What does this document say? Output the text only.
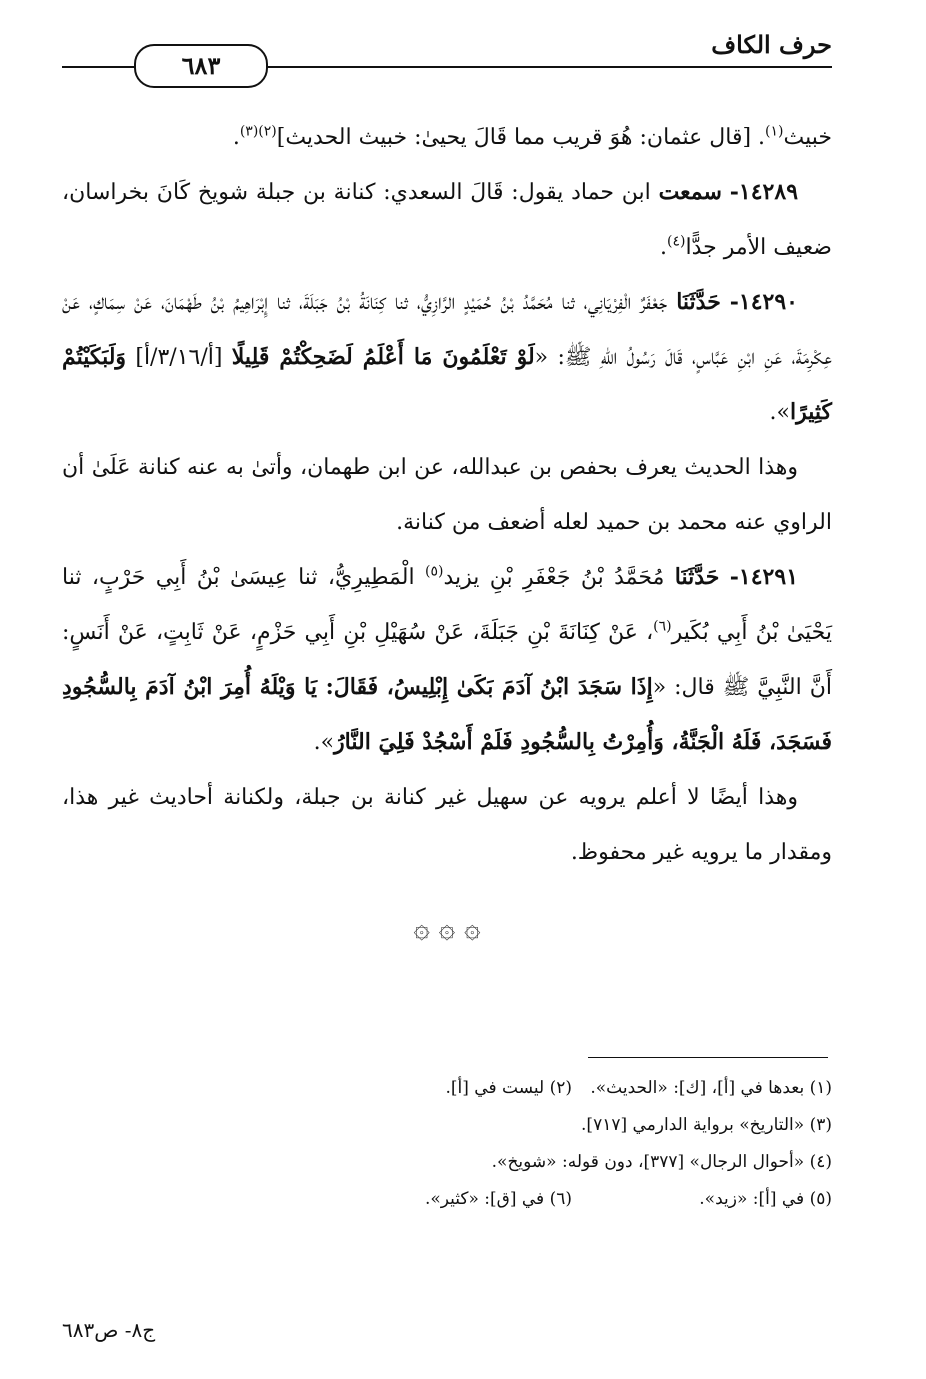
حرف الكاف
٦٨٣

خبيث$^{(١)}$. [قال عثمان: هُوَ قريب مما قَالَ يحيىٰ: خبيث الحديث]$^{(٢)(٣)}$.

١٤٢٨٩- سمعت ابن حماد يقول: قَالَ السعدي: كنانة بن جبلة شويخ كَانَ بخراسان، ضعيف الأمر جدًّا$^{(٤)}$.

١٤٢٩٠- حَدَّثَنَا جَعْفَرٌ الْفِرْيَانِي، ثنا مُحَمَّدُ بْنُ حُمَيْدٍ الرَّازِيُّ، ثنا كِنَانَةُ بْنُ جَبَلَةَ، ثنا إِبْرَاهِيمُ بْنُ طَهْمَانَ، عَنْ سِمَاكٍ، عَنْ عِكْرِمَةَ، عَنِ ابْنِ عَبَّاسٍ، قَالَ رَسُولُ اللهِ ﷺ: «لَوْ تَعْلَمُونَ مَا أَعْلَمُ لَضَحِكْتُمْ قَلِيلًا [أ/٣/١٦/أ] وَلَبَكَيْتُمْ كَثِيرًا».

وهذا الحديث يعرف بحفص بن عبدالله، عن ابن طهمان، وأتىٰ به عنه كنانة عَلَىٰ أن الراوي عنه محمد بن حميد لعله أضعف من كنانة.

١٤٢٩١- حَدَّثَنَا مُحَمَّدُ بْنُ جَعْفَرِ بْنِ يزيد$^{(٥)}$ الْمَطِيرِيُّ، ثنا عِيسَىٰ بْنُ أَبِي حَرْبٍ، ثنا يَحْيَىٰ بْنُ أَبِي بُكَير$^{(٦)}$، عَنْ كِنَانَةَ بْنِ جَبَلَةَ، عَنْ سُهَيْلِ بْنِ أَبِي حَزْمٍ، عَنْ ثَابِتٍ، عَنْ أَنَسٍ: أَنَّ النَّبِيَّ ﷺ قال: «إِذَا سَجَدَ ابْنُ آدَمَ بَكَىٰ إِبْلِيسُ، فَقَالَ: يَا وَيْلَهُ أُمِرَ ابْنُ آدَمَ بِالسُّجُودِ فَسَجَدَ، فَلَهُ الْجَنَّةُ، وَأُمِرْتُ بِالسُّجُودِ فَلَمْ أَسْجُدْ فَلِيَ النَّارُ».

وهذا أيضًا لا أعلم يرويه عن سهيل غير كنانة بن جبلة، ولكنانة أحاديث غير هذا، ومقدار ما يرويه غير محفوظ.

۞ ۞ ۞
(١) بعدها في [أ]، [ك]: «الحديث».
(٢) ليست في [أ].
(٣) «التاريخ» برواية الدارمي [٧١٧].
(٤) «أحوال الرجال» [٣٧٧]، دون قوله: «شويخ».
(٥) في [أ]: «زيد».
(٦) في [ق]: «كثير».
ج٨- ص٦٨٣
